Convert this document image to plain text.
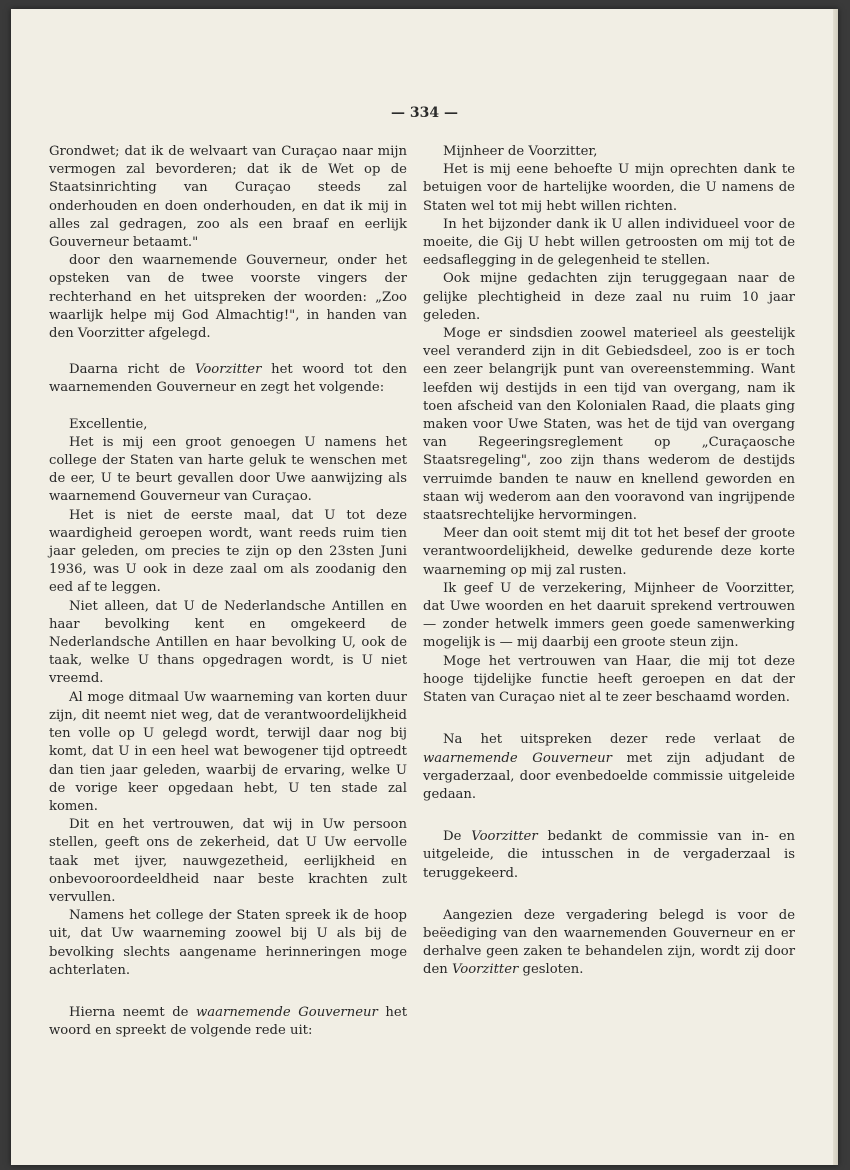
— 334 —

Grondwet; dat ik de welvaart van Curaçao naar mijn vermogen zal bevorderen; dat ik de Wet op de Staatsinrichting van Curaçao steeds zal onderhouden en doen onderhouden, en dat ik mij in alles zal gedragen, zoo als een braaf en eerlijk Gouverneur betaamt."

door den waarnemende Gouverneur, onder het opsteken van de twee voorste vingers der rechterhand en het uitspreken der woorden: „Zoo waarlijk helpe mij God Almachtig!", in handen van den Voorzitter afgelegd.

Daarna richt de Voorzitter het woord tot den waarnemenden Gouverneur en zegt het volgende:

Excellentie,

Het is mij een groot genoegen U namens het college der Staten van harte geluk te wenschen met de eer, U te beurt gevallen door Uwe aanwijzing als waarnemend Gouverneur van Curaçao.

Het is niet de eerste maal, dat U tot deze waardigheid geroepen wordt, want reeds ruim tien jaar geleden, om precies te zijn op den 23sten Juni 1936, was U ook in deze zaal om als zoodanig den eed af te leggen.

Niet alleen, dat U de Nederlandsche Antillen en haar bevolking kent en omgekeerd de Nederlandsche Antillen en haar bevolking U, ook de taak, welke U thans opgedragen wordt, is U niet vreemd.

Al moge ditmaal Uw waarneming van korten duur zijn, dit neemt niet weg, dat de verantwoordelijkheid ten volle op U gelegd wordt, terwijl daar nog bij komt, dat U in een heel wat bewogener tijd optreedt dan tien jaar geleden, waarbij de ervaring, welke U de vorige keer opgedaan hebt, U ten stade zal komen.

Dit en het vertrouwen, dat wij in Uw persoon stellen, geeft ons de zekerheid, dat U Uw eervolle taak met ijver, nauwgezetheid, eerlijkheid en onbevooroordeeldheid naar beste krachten zult vervullen.

Namens het college der Staten spreek ik de hoop uit, dat Uw waarneming zoowel bij U als bij de bevolking slechts aangename herinneringen moge achterlaten.

Hierna neemt de waarnemende Gouverneur het woord en spreekt de volgende rede uit:

Mijnheer de Voorzitter,

Het is mij eene behoefte U mijn oprechten dank te betuigen voor de hartelijke woorden, die U namens de Staten wel tot mij hebt willen richten.

In het bijzonder dank ik U allen individueel voor de moeite, die Gij U hebt willen getroosten om mij tot de eedsaflegging in de gelegenheid te stellen.

Ook mijne gedachten zijn teruggegaan naar de gelijke plechtigheid in deze zaal nu ruim 10 jaar geleden.

Moge er sindsdien zoowel materieel als geestelijk veel veranderd zijn in dit Gebiedsdeel, zoo is er toch een zeer belangrijk punt van overeenstemming. Want leefden wij destijds in een tijd van overgang, nam ik toen afscheid van den Kolonialen Raad, die plaats ging maken voor Uwe Staten, was het de tijd van overgang van Regeeringsreglement op „Curaçaosche Staatsregeling", zoo zijn thans wederom de destijds verruimde banden te nauw en knellend geworden en staan wij wederom aan den vooravond van ingrijpende staatsrechtelijke hervormingen.

Meer dan ooit stemt mij dit tot het besef der groote verantwoordelijkheid, dewelke gedurende deze korte waarneming op mij zal rusten.

Ik geef U de verzekering, Mijnheer de Voorzitter, dat Uwe woorden en het daaruit sprekend vertrouwen — zonder hetwelk immers geen goede samenwerking mogelijk is — mij daarbij een groote steun zijn.

Moge het vertrouwen van Haar, die mij tot deze hooge tijdelijke functie heeft geroepen en dat der Staten van Curaçao niet al te zeer beschaamd worden.

Na het uitspreken dezer rede verlaat de waarnemende Gouverneur met zijn adjudant de vergaderzaal, door evenbedoelde commissie uitgeleide gedaan.

De Voorzitter bedankt de commissie van in- en uitgeleide, die intusschen in de vergaderzaal is teruggekeerd.

Aangezien deze vergadering belegd is voor de beëediging van den waarnemenden Gouverneur en er derhalve geen zaken te behandelen zijn, wordt zij door den Voorzitter gesloten.
